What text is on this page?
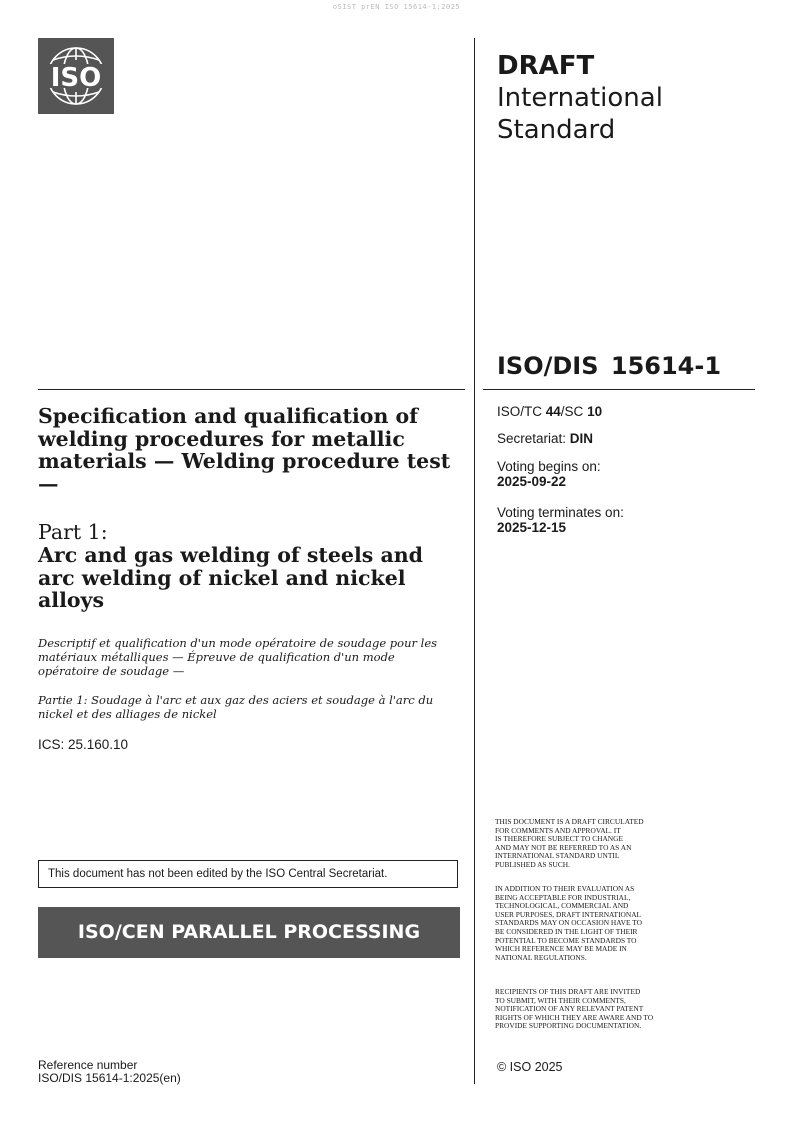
oSIST prEN ISO 15614-1:2025
ISO	DRAFT
International
Standard
ISO/DIS 15614-1
ISO/TC 44/SC 10
Secretariat: DIN
Voting begins on:
2025-09-22
Voting terminates on:
2025-12-15
Specification and qualification of welding procedures for metallic materials — Welding procedure test —
Part 1:
Arc and gas welding of steels and arc welding of nickel and nickel alloys
Descriptif et qualification d'un mode opératoire de soudage pour les matériaux métalliques — Épreuve de qualification d'un mode opératoire de soudage —
Partie 1: Soudage à l'arc et aux gaz des aciers et soudage à l'arc du nickel et des alliages de nickel
ICS: 25.160.10
This document has not been edited by the ISO Central Secretariat.
ISO/CEN PARALLEL PROCESSING
THIS DOCUMENT IS A DRAFT CIRCULATED
FOR COMMENTS AND APPROVAL. IT
IS THEREFORE SUBJECT TO CHANGE
AND MAY NOT BE REFERRED TO AS AN
INTERNATIONAL STANDARD UNTIL
PUBLISHED AS SUCH.
IN ADDITION TO THEIR EVALUATION AS
BEING ACCEPTABLE FOR INDUSTRIAL,
TECHNOLOGICAL, COMMERCIAL AND
USER PURPOSES, DRAFT INTERNATIONAL
STANDARDS MAY ON OCCASION HAVE TO
BE CONSIDERED IN THE LIGHT OF THEIR
POTENTIAL TO BECOME STANDARDS TO
WHICH REFERENCE MAY BE MADE IN
NATIONAL REGULATIONS.
RECIPIENTS OF THIS DRAFT ARE INVITED
TO SUBMIT, WITH THEIR COMMENTS,
NOTIFICATION OF ANY RELEVANT PATENT
RIGHTS OF WHICH THEY ARE AWARE AND TO
PROVIDE SUPPORTING DOCUMENTATION.
© ISO 2025
Reference number
ISO/DIS 15614-1:2025(en)
